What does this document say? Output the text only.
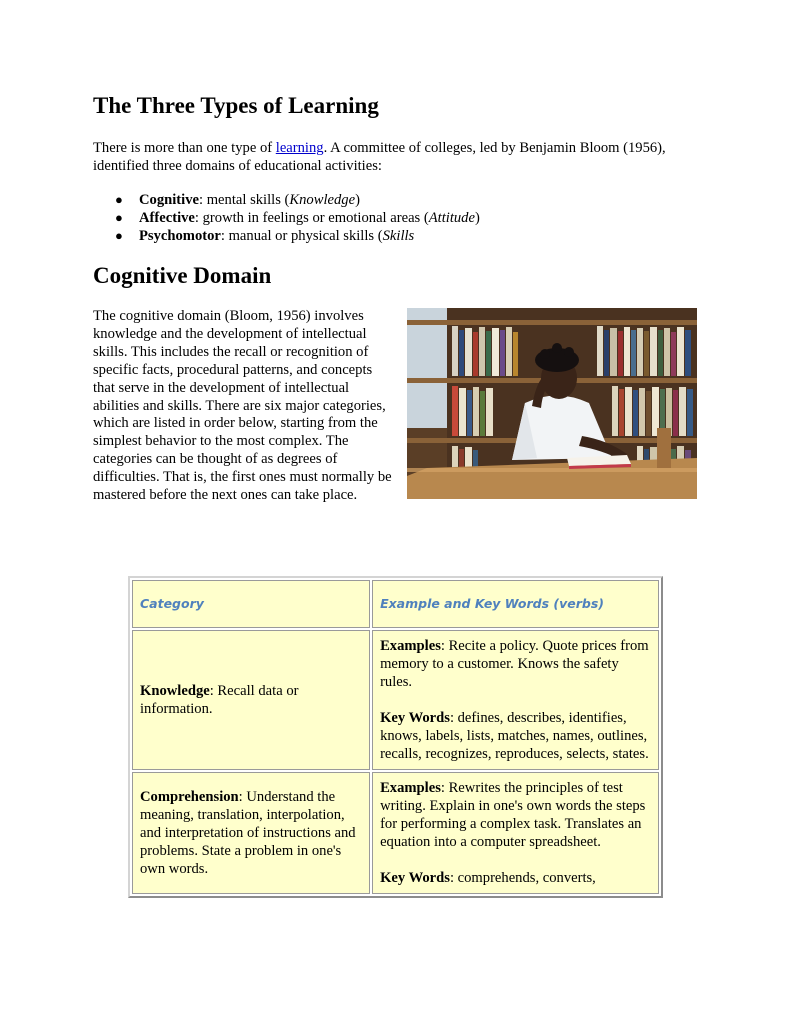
The Three Types of Learning

There is more than one type of learning. A committee of colleges, led by Benjamin Bloom (1956), identified three domains of educational activities:

● Cognitive: mental skills (Knowledge)
● Affective: growth in feelings or emotional areas (Attitude)
● Psychomotor: manual or physical skills (Skills
Cognitive Domain

The cognitive domain (Bloom, 1956) involves knowledge and the development of intellectual skills. This includes the recall or recognition of specific facts, procedural patterns, and concepts that serve in the development of intellectual abilities and skills. There are six major categories, which are listed in order below, starting from the simplest behavior to the most complex. The categories can be thought of as degrees of difficulties. That is, the first ones must normally be mastered before the next ones can take place.

Category	Example and Key Words (verbs)
Knowledge: Recall data or information.	Examples: Recite a policy. Quote prices from memory to a customer. Knows the safety rules.
Key Words: defines, describes, identifies, knows, labels, lists, matches, names, outlines, recalls, recognizes, reproduces, selects, states.
Comprehension: Understand the meaning, translation, interpolation, and interpretation of instructions and problems. State a problem in one's own words.	Examples: Rewrites the principles of test writing. Explain in one's own words the steps for performing a complex task. Translates an equation into a computer spreadsheet.
Key Words: comprehends, converts,
